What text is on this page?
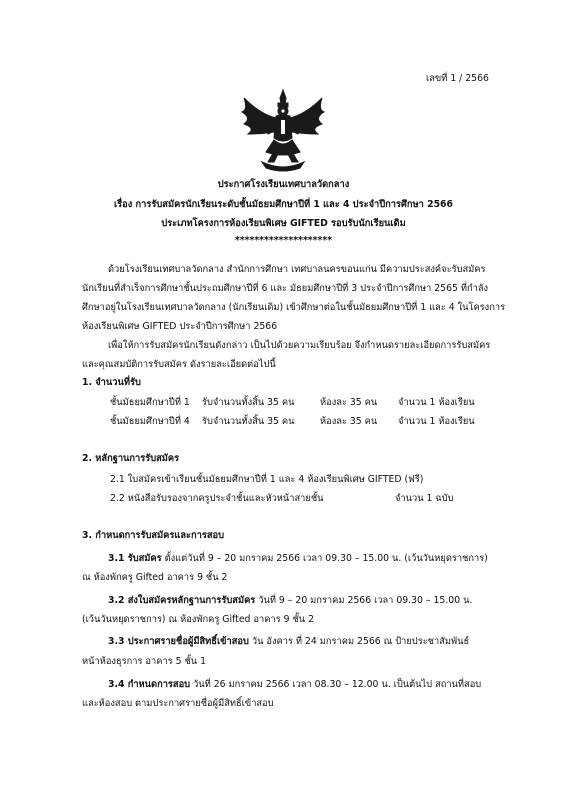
เลขที่ 1 / 2566
ประกาศโรงเรียนเทศบาลวัดกลาง
เรื่อง การรับสมัครนักเรียนระดับชั้นมัธยมศึกษาปีที่ 1 และ 4 ประจำปีการศึกษา 2566
ประเภทโครงการห้องเรียนพิเศษ GIFTED รอบรับนักเรียนเดิม
********************
ด้วยโรงเรียนเทศบาลวัดกลาง สำนักการศึกษา เทศบาลนครขอนแก่น มีความประสงค์จะรับสมัคร
นักเรียนที่สำเร็จการศึกษาชั้นประถมศึกษาปีที่ 6 และ มัธยมศึกษาปีที่ 3 ประจำปีการศึกษา 2565 ที่กำลัง
ศึกษาอยู่ในโรงเรียนเทศบาลวัดกลาง (นักเรียนเดิม) เข้าศึกษาต่อในชั้นมัธยมศึกษาปีที่ 1 และ 4 ในโครงการ
ห้องเรียนพิเศษ GIFTED ประจำปีการศึกษา 2566
เพื่อให้การรับสมัครนักเรียนดังกล่าว เป็นไปด้วยความเรียบร้อย จึงกำหนดรายละเอียดการรับสมัคร
และคุณสมบัติการรับสมัคร ดังรายละเอียดต่อไปนี้
1. จำนวนที่รับ
ชั้นมัธยมศึกษาปีที่ 1 รับจำนวนทั้งสิ้น 35 คน	ห้องละ 35 คน จำนวน 1 ห้องเรียน
ชั้นมัธยมศึกษาปีที่ 4 รับจำนวนทั้งสิ้น 35 คน	ห้องละ 35 คน จำนวน 1 ห้องเรียน
2. หลักฐานการรับสมัคร
2.1 ใบสมัครเข้าเรียนชั้นมัธยมศึกษาปีที่ 1 และ 4 ห้องเรียนพิเศษ GIFTED (ฟรี)
2.2 หนังสือรับรองจากครูประจำชั้นและหัวหน้าสายชั้น	จำนวน 1 ฉบับ
3. กำหนดการรับสมัครและการสอบ
3.1 รับสมัคร ตั้งแต่วันที่ 9 – 20 มกราคม 2566 เวลา 09.30 – 15.00 น. (เว้นวันหยุดราชการ)
ณ ห้องพักครู Gifted อาคาร 9 ชั้น 2
3.2 ส่งใบสมัครหลักฐานการรับสมัคร วันที่ 9 – 20 มกราคม 2566 เวลา 09.30 – 15.00 น.
(เว้นวันหยุดราชการ) ณ ห้องพักครู Gifted อาคาร 9 ชั้น 2
3.3 ประกาศรายชื่อผู้มีสิทธิ์เข้าสอบ วัน อังคาร ที่ 24 มกราคม 2566 ณ ป้ายประชาสัมพันธ์
หน้าห้องธุรการ อาคาร 5 ชั้น 1
3.4 กำหนดการสอบ วันที่ 26 มกราคม 2566 เวลา 08.30 – 12.00 น. เป็นต้นไป สถานที่สอบ
และห้องสอบ ตามประกาศรายชื่อผู้มีสิทธิ์เข้าสอบ
